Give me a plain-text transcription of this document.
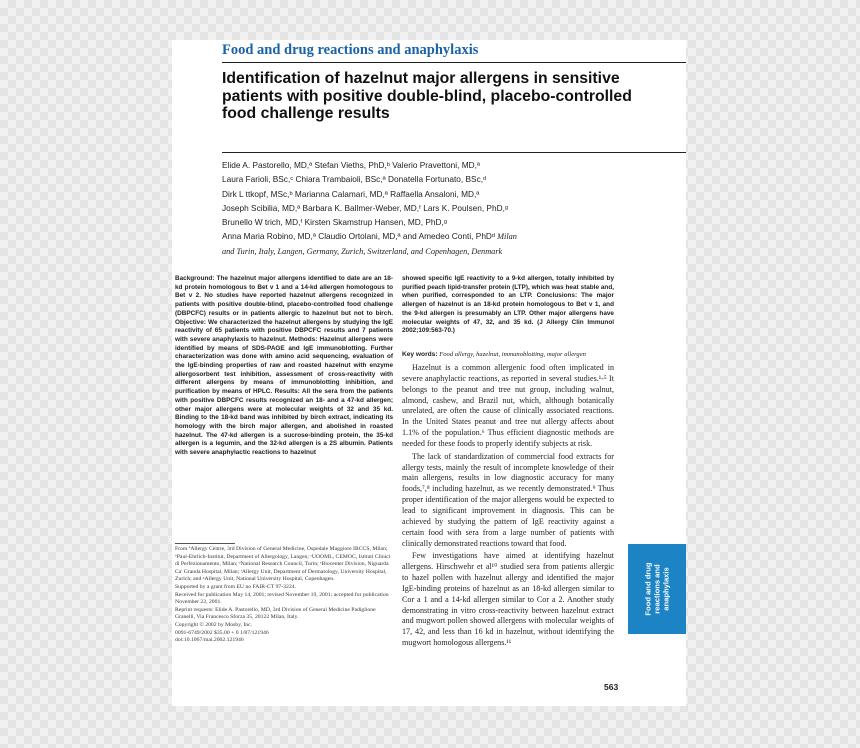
Food and drug reactions and anaphylaxis
Identification of hazelnut major allergens in sensitive patients with positive double-blind, placebo-controlled food challenge results
Elide A. Pastorello, MD,ª Stefan Vieths, PhD,ᵇ Valerio Pravettoni, MD,ª
Laura Farioli, BSc,ᶜ Chiara Trambaioli, BSc,ª Donatella Fortunato, BSc,ᵈ
Dirk L ttkopf, MSc,ᵇ Marianna Calamari, MD,ª Raffaella Ansaloni, MD,ª
Joseph Scibilia, MD,ª Barbara K. Ballmer-Weber, MD,ᶠ Lars K. Poulsen, PhD,ᵍ
Brunello W trich, MD,ᶠ Kirsten Skamstrup Hansen, MD, PhD,ᵍ
Anna Maria Robino, MD,ª Claudio Ortolani, MD,ª and Amedeo Conti, PhDᵈ Milan
and Turin, Italy, Langen, Germany, Zurich, Switzerland, and Copenhagen, Denmark

Background: The hazelnut major allergens identified to date are an 18-kd protein homologous to Bet v 1 and a 14-kd allergen homologous to Bet v 2. No studies have reported hazelnut allergens recognized in patients with positive double-blind, placebo-controlled food challenge (DBPCFC) results or in patients allergic to hazelnut but not to birch. Objective: We characterized the hazelnut allergens by studying the IgE reactivity of 65 patients with positive DBPCFC results and 7 patients with severe anaphylaxis to hazelnut. Methods: Hazelnut allergens were identified by means of SDS-PAGE and IgE immunoblotting. Further characterization was done with amino acid sequencing, evaluation of the IgE-binding properties of raw and roasted hazelnut with enzyme allergosorbent test inhibition, assessment of cross-reactivity with different allergens by means of immunoblotting inhibition, and purification by means of HPLC. Results: All the sera from the patients with positive DBPCFC results recognized an 18- and a 47-kd allergen; other major allergens were at molecular weights of 32 and 35 kd. Binding to the 18-kd band was inhibited by birch extract, indicating its homology with the birch major allergen, and abolished in roasted hazelnut. The 47-kd allergen is a sucrose-binding protein, the 35-kd allergen is a legumin, and the 32-kd allergen is a 2S albumin. Patients with severe anaphylactic reactions to hazelnut

showed specific IgE reactivity to a 9-kd allergen, totally inhibited by purified peach lipid-transfer protein (LTP), which was heat stable and, when purified, corresponded to an LTP. Conclusions: The major allergen of hazelnut is an 18-kd protein homologous to Bet v 1, and the 9-kd allergen is presumably an LTP. Other major allergens have molecular weights of 47, 32, and 35 kd. (J Allergy Clin Immunol 2002;109:563-70.)

Key words: Food allergy, hazelnut, immunoblotting, major allergen

Hazelnut is a common allergenic food often implicated in severe anaphylactic reactions, as reported in several studies.¹-⁵ It belongs to the peanut and tree nut group, including walnut, almond, cashew, and Brazil nut, which, although botanically unrelated, are often the cause of clinically associated reactions. In the United States peanut and tree nut allergy affects about 1.1% of the population.⁶ Thus efficient diagnostic methods are needed for these foods to properly identify subjects at risk.

The lack of standardization of commercial food extracts for allergy tests, mainly the result of incomplete knowledge of their main allergens, results in low diagnostic accuracy for many foods,⁷,⁸ including hazelnut, as we recently demonstrated.⁹ Thus proper identification of the major allergens would be expected to lead to significant improvement in diagnosis. This can be achieved by studying the pattern of IgE reactivity against a certain food with sera from a large number of patients with clinically demonstrated reactions toward that food.

Few investigations have aimed at identifying hazelnut allergens. Hirschwehr et al¹⁰ studied sera from patients allergic to hazel pollen with hazelnut allergy and identified the major IgE-binding proteins of hazelnut as an 18-kd allergen similar to Cor a 1 and a 14-kd allergen similar to Cor a 2. Another study demonstrating in vitro cross-reactivity between hazelnut extract and mugwort pollen showed allergens with molecular weights of 17, 42, and less than 16 kd in hazelnut, without identifying the mugwort homologous allergens.¹¹

From ªAllergy Centre, 3rd Division of General Medicine, Ospedale Maggiore IRCCS, Milan; ᵇPaul-Ehrlich-Institut, Department of Allergology, Langen; ᶜUOOML, CEMOC, Istituti Clinici di Perfezionamento, Milan; ᵈNational Research Council, Turin; ᵉBiocenter Division, Niguarda Ca' Granda Hospital, Milan; ᶠAllergy Unit, Department of Dermatology, University Hospital, Zurich; and ᵍAllergy Unit, National University Hospital, Copenhagen.

Supported by a grant from EU no FAIR-CT 97-3224.

Received for publication May 14, 2001; revised November 19, 2001; accepted for publication November 22, 2001.

Reprint requests: Elide A. Pastorello, MD, 3rd Division of General Medicine Padiglione Granelli, Via Francesco Sforza 35, 20122 Milan, Italy.

Copyright © 2002 by Mosby, Inc.

0091-6749/2002 $35.00 + 0 1/87/121946

doi:10.1067/mai.2002.121946

563
Food and drug reactions and anaphylaxis
